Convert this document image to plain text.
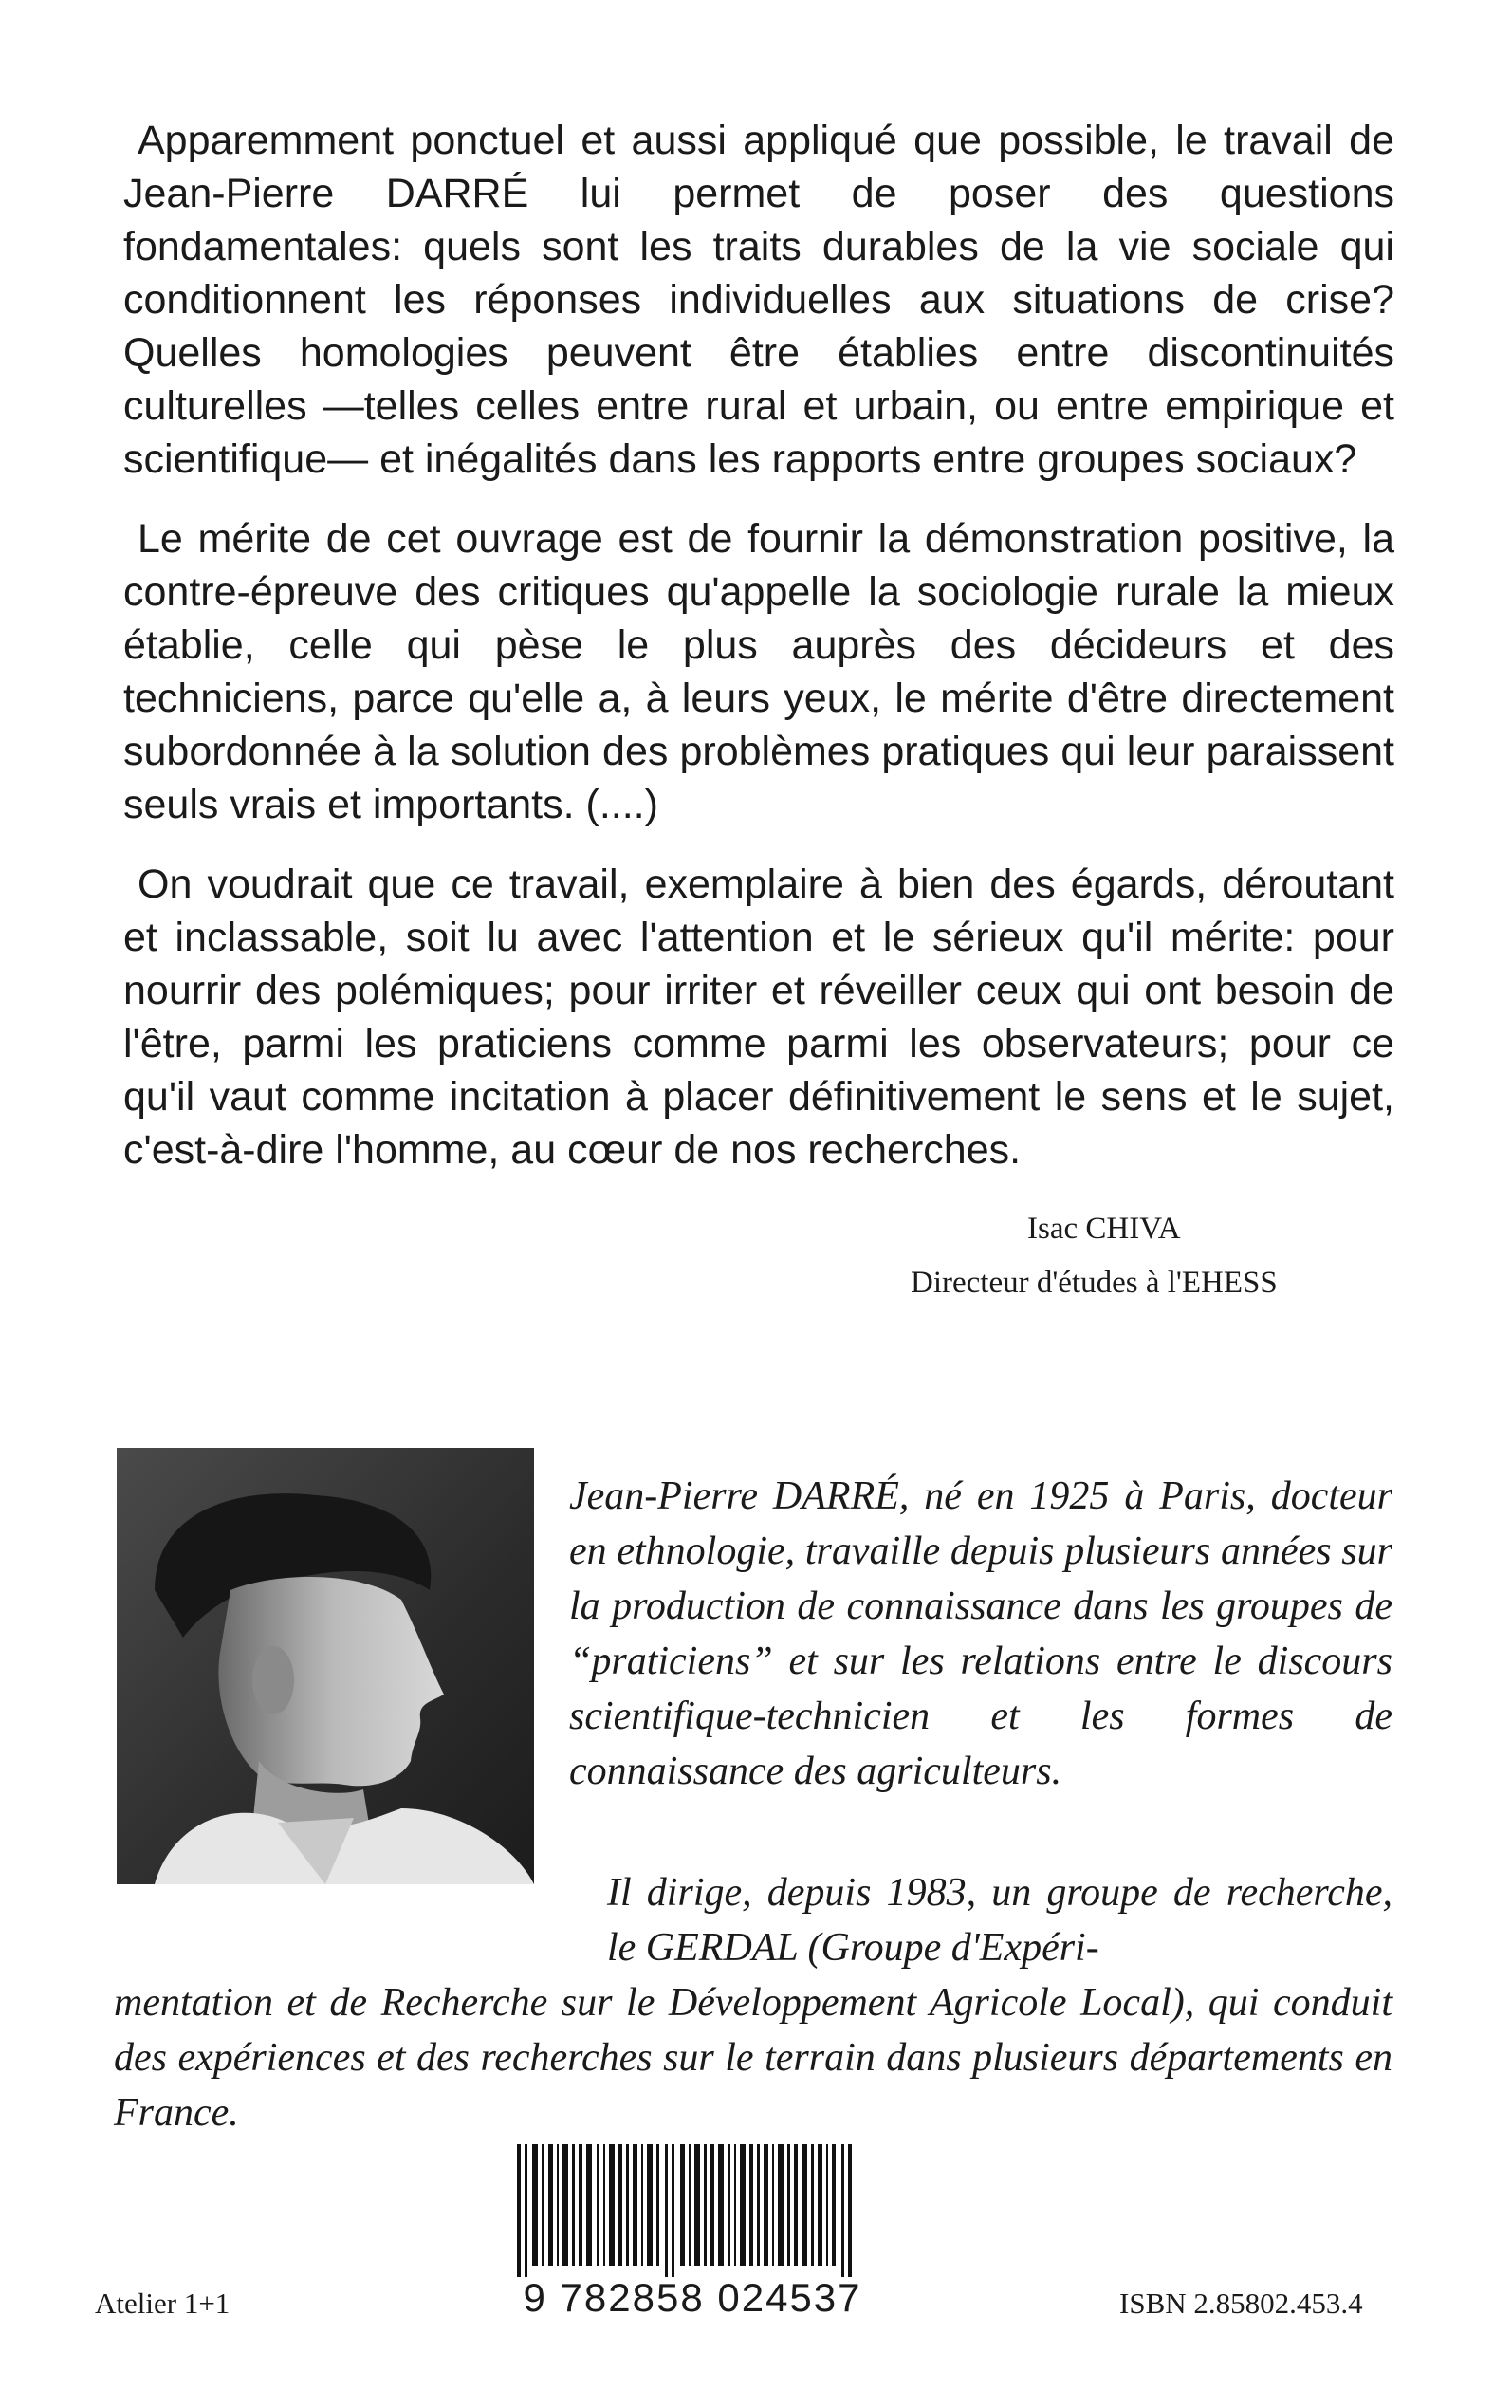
Apparemment ponctuel et aussi appliqué que possible, le travail de Jean-Pierre DARRÉ lui permet de poser des questions fondamentales: quels sont les traits durables de la vie sociale qui conditionnent les réponses individuelles aux situations de crise? Quelles homologies peuvent être établies entre discontinuités culturelles —telles celles entre rural et urbain, ou entre empirique et scientifique— et inégalités dans les rapports entre groupes sociaux?

Le mérite de cet ouvrage est de fournir la démonstration positive, la contre-épreuve des critiques qu'appelle la sociologie rurale la mieux établie, celle qui pèse le plus auprès des décideurs et des techniciens, parce qu'elle a, à leurs yeux, le mérite d'être directement subordonnée à la solution des problèmes pratiques qui leur paraissent seuls vrais et importants. (....)

On voudrait que ce travail, exemplaire à bien des égards, déroutant et inclassable, soit lu avec l'attention et le sérieux qu'il mérite: pour nourrir des polémiques; pour irriter et réveiller ceux qui ont besoin de l'être, parmi les praticiens comme parmi les observateurs; pour ce qu'il vaut comme incitation à placer définitivement le sens et le sujet, c'est-à-dire l'homme, au cœur de nos recherches.

Isac CHIVA
Directeur d'études à l'EHESS
Jean-Pierre DARRÉ, né en 1925 à Paris, docteur en ethnologie, travaille depuis plusieurs années sur la production de connaissance dans les groupes de “praticiens” et sur les relations entre le discours scientifique-technicien et les formes de connaissance des agriculteurs.
Il dirige, depuis 1983, un groupe de recherche, le GERDAL (Groupe d'Expéri-
mentation et de Recherche sur le Développement Agricole Local), qui conduit des expériences et des recherches sur le terrain dans plusieurs départements en France.
9 782858 024537
Atelier 1+1	ISBN 2.85802.453.4
